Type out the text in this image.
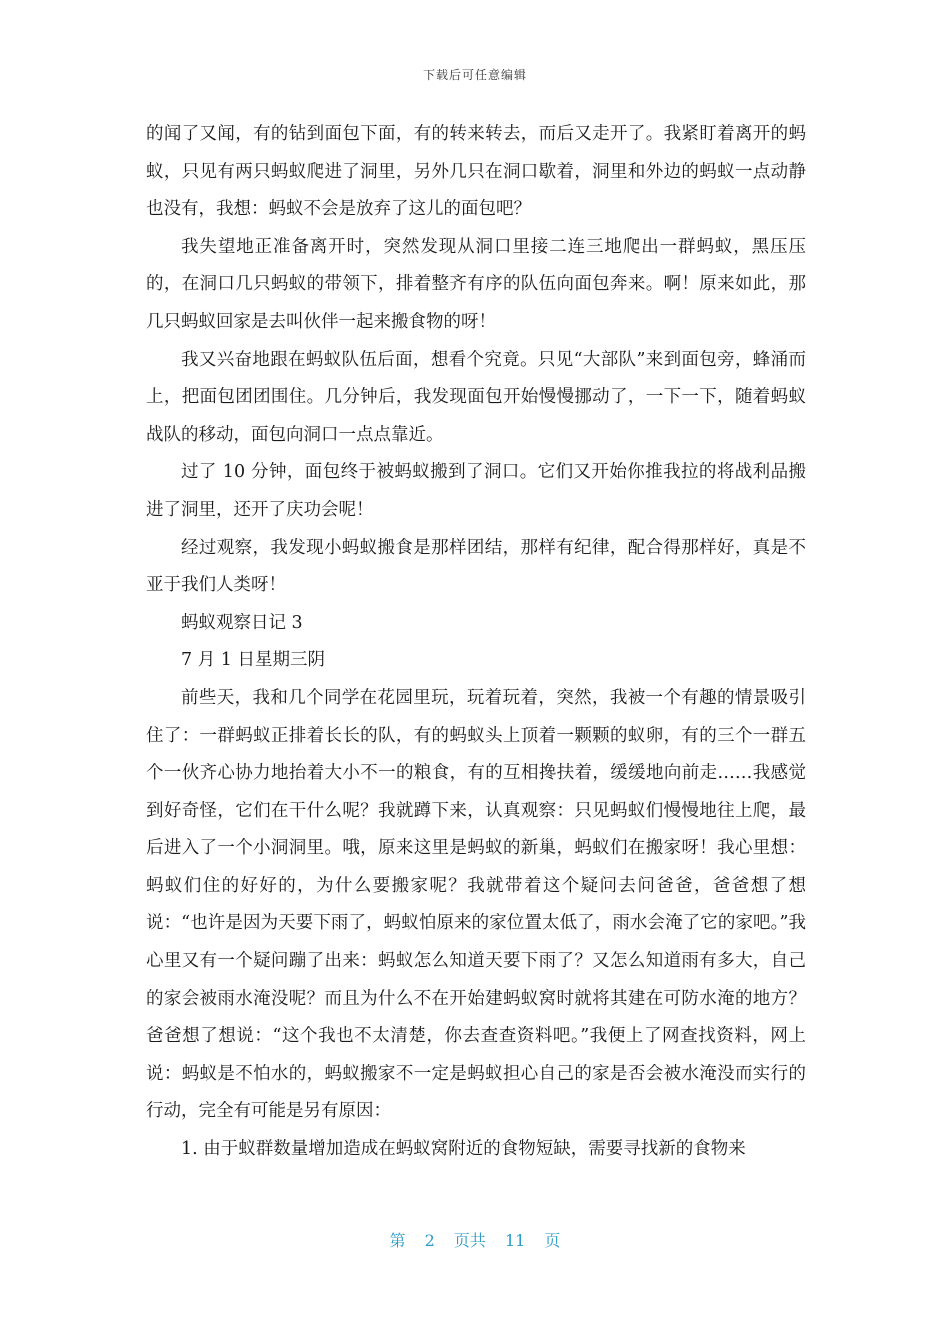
下载后可任意编辑

的闻了又闻，有的钻到面包下面，有的转来转去，而后又走开了。我紧盯着离开的蚂蚁，只见有两只蚂蚁爬进了洞里，另外几只在洞口歇着，洞里和外边的蚂蚁一点动静也没有，我想：蚂蚁不会是放弃了这儿的面包吧？

我失望地正准备离开时，突然发现从洞口里接二连三地爬出一群蚂蚁，黑压压的，在洞口几只蚂蚁的带领下，排着整齐有序的队伍向面包奔来。啊！原来如此，那几只蚂蚁回家是去叫伙伴一起来搬食物的呀！

我又兴奋地跟在蚂蚁队伍后面，想看个究竟。只见“大部队”来到面包旁，蜂涌而上，把面包团团围住。几分钟后，我发现面包开始慢慢挪动了，一下一下，随着蚂蚁战队的移动，面包向洞口一点点靠近。

过了 10 分钟，面包终于被蚂蚁搬到了洞口。它们又开始你推我拉的将战利品搬进了洞里，还开了庆功会呢！

经过观察，我发现小蚂蚁搬食是那样团结，那样有纪律，配合得那样好，真是不亚于我们人类呀！

蚂蚁观察日记 3

7 月 1 日星期三阴

前些天，我和几个同学在花园里玩，玩着玩着，突然，我被一个有趣的情景吸引住了：一群蚂蚁正排着长长的队，有的蚂蚁头上顶着一颗颗的蚁卵，有的三个一群五个一伙齐心协力地抬着大小不一的粮食，有的互相搀扶着，缓缓地向前走……我感觉到好奇怪，它们在干什么呢？我就蹲下来，认真观察：只见蚂蚁们慢慢地往上爬，最后进入了一个小洞洞里。哦，原来这里是蚂蚁的新巢，蚂蚁们在搬家呀！我心里想：蚂蚁们住的好好的，为什么要搬家呢？我就带着这个疑问去问爸爸，爸爸想了想说：“也许是因为天要下雨了，蚂蚁怕原来的家位置太低了，雨水会淹了它的家吧。”我心里又有一个疑问蹦了出来：蚂蚁怎么知道天要下雨了？又怎么知道雨有多大，自己的家会被雨水淹没呢？而且为什么不在开始建蚂蚁窝时就将其建在可防水淹的地方？爸爸想了想说：“这个我也不太清楚，你去查查资料吧。”我便上了网查找资料，网上说：蚂蚁是不怕水的，蚂蚁搬家不一定是蚂蚁担心自己的家是否会被水淹没而实行的行动，完全有可能是另有原因：

1. 由于蚁群数量增加造成在蚂蚁窝附近的食物短缺，需要寻找新的食物来

第 2 页共 11 页
